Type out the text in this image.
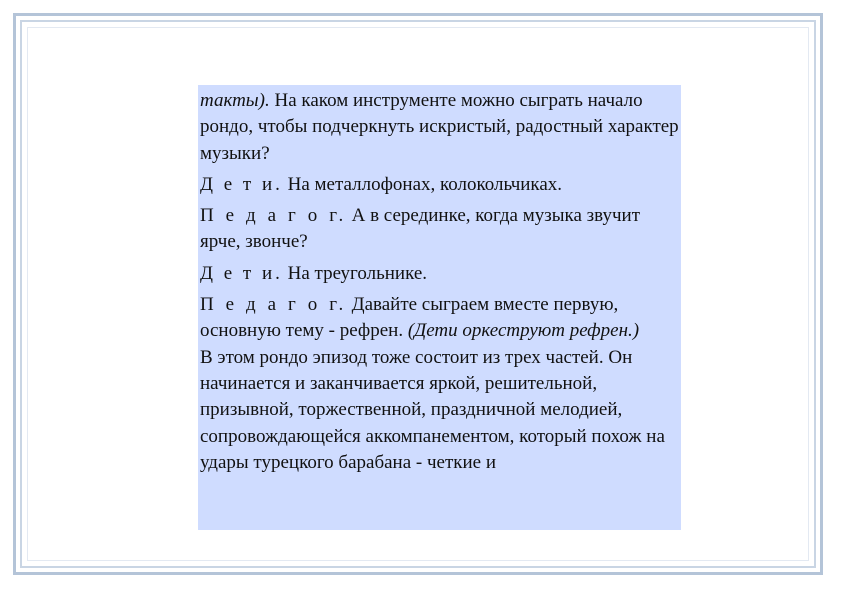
такты). На каком инструменте можно сыграть начало рондо, чтобы подчеркнуть искристый, радостный характер музыки?

Д е т и. На металлофонах, колокольчиках.

П е д а г о г. А в серединке, когда музыка звучит ярче, звонче?

Д е т и. На треугольнике.

П е д а г о г. Давайте сыграем вместе первую, основную тему - рефрен. (Дети оркеструют рефрен.)

В этом рондо эпизод тоже состоит из трех частей. Он начинается и заканчивается яркой, решительной, призывной, торжественной, праздничной мелодией, сопровождающейся аккомпанементом, который похож на удары турецкого барабана - четкие и
